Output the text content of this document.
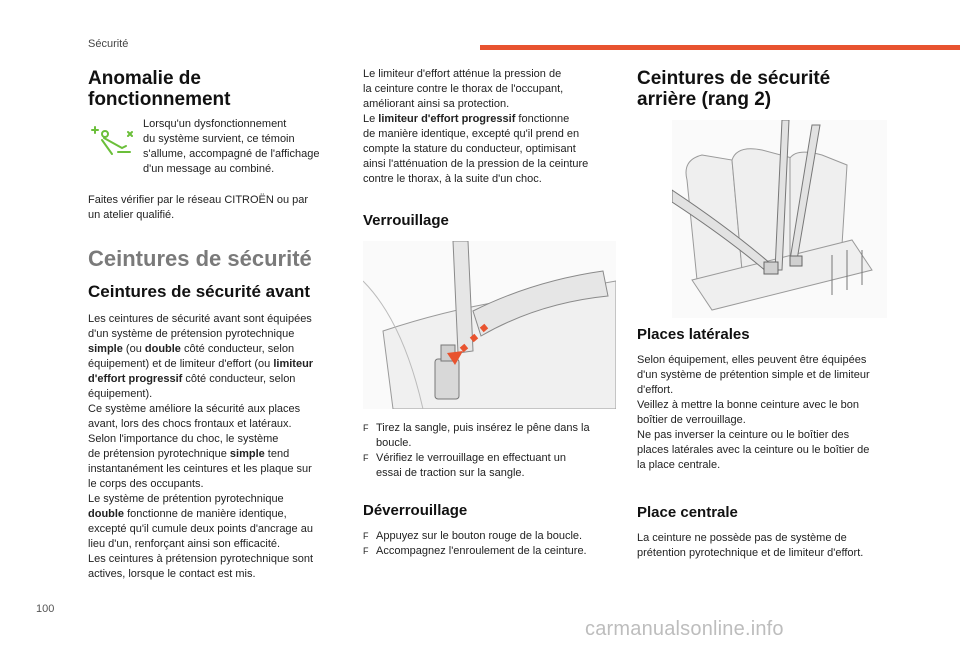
Sécurité
Anomalie de
fonctionnement

Lorsqu'un dysfonctionnement
du système survient, ce témoin
s'allume, accompagné de l'affichage
d'un message au combiné.

Faites vérifier par le réseau CITROËN ou par
un atelier qualifié.

Ceintures de sécurité
Ceintures de sécurité avant

Les ceintures de sécurité avant sont équipées
d'un système de prétension pyrotechnique
simple (ou double côté conducteur, selon
équipement) et de limiteur d'effort (ou limiteur
d'effort progressif côté conducteur, selon
équipement).
Ce système améliore la sécurité aux places
avant, lors des chocs frontaux et latéraux.
Selon l'importance du choc, le système
de prétension pyrotechnique simple tend
instantanément les ceintures et les plaque sur
le corps des occupants.
Le système de prétention pyrotechnique
double fonctionne de manière identique,
excepté qu'il cumule deux points d'ancrage au
lieu d'un, renforçant ainsi son efficacité.
Les ceintures à prétension pyrotechnique sont
actives, lorsque le contact est mis.

Le limiteur d'effort atténue la pression de
la ceinture contre le thorax de l'occupant,
améliorant ainsi sa protection.
Le limiteur d'effort progressif fonctionne
de manière identique, excepté qu'il prend en
compte la stature du conducteur, optimisant
ainsi l'atténuation de la pression de la ceinture
contre le thorax, à la suite d'un choc.

Verrouillage
F Tirez la sangle, puis insérez le pêne dans la
boucle.
F Vérifiez le verrouillage en effectuant un
essai de traction sur la sangle.
Déverrouillage
F Appuyez sur le bouton rouge de la boucle.
F Accompagnez l'enroulement de la ceinture.
Ceintures de sécurité
arrière (rang 2)
Places latérales

Selon équipement, elles peuvent être équipées
d'un système de prétention simple et de limiteur
d'effort.
Veillez à mettre la bonne ceinture avec le bon
boîtier de verrouillage.
Ne pas inverser la ceinture ou le boîtier des
places latérales avec la ceinture ou le boîtier de
la place centrale.

Place centrale

La ceinture ne possède pas de système de
prétention pyrotechnique et de limiteur d'effort.

100
carmanualsonline.info
